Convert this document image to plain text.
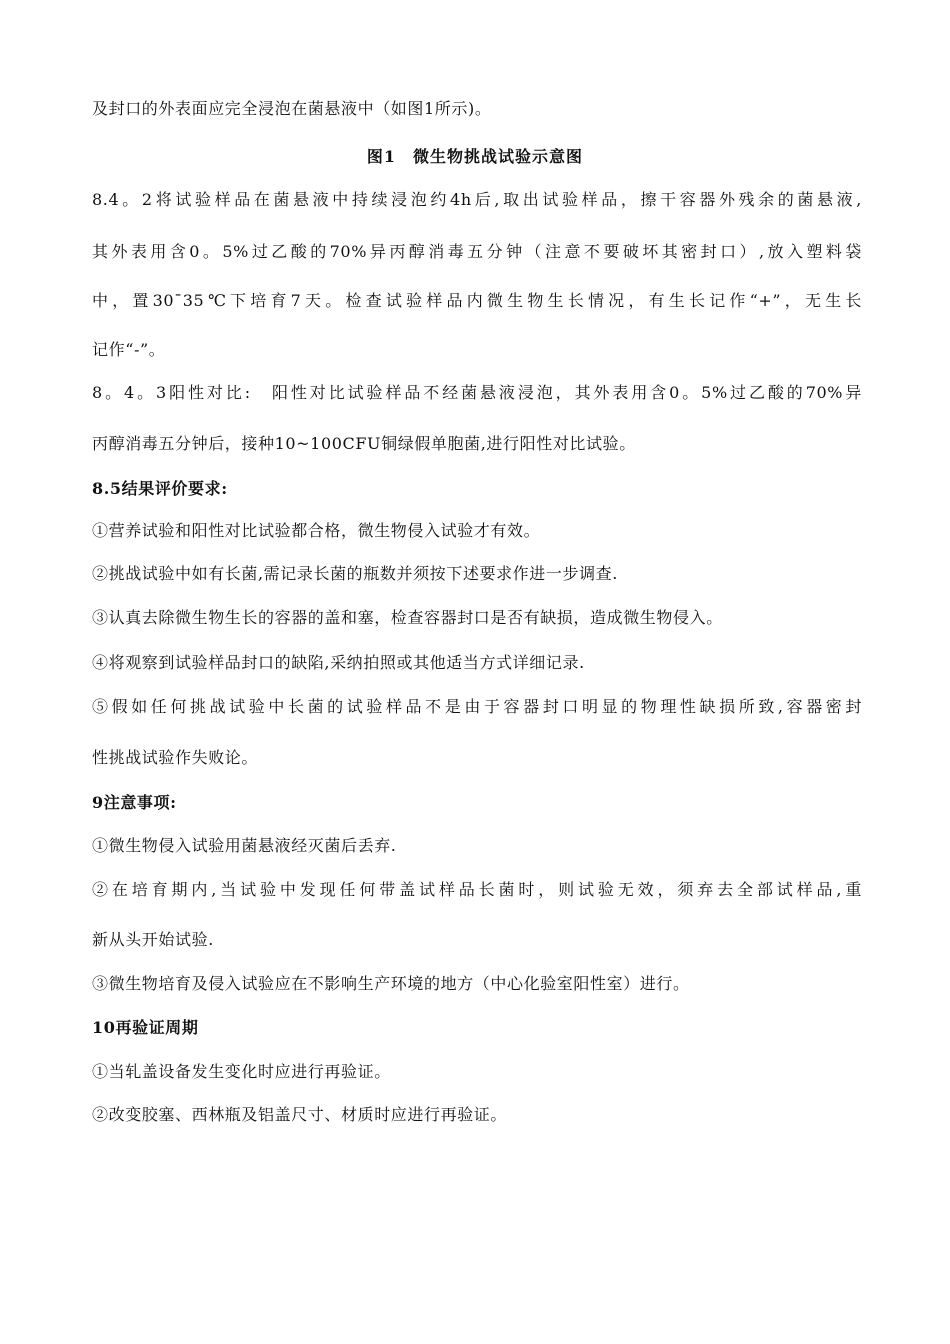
及封口的外表面应完全浸泡在菌悬液中（如图1所示)。
图1　微生物挑战试验示意图
8.4。2将试验样品在菌悬液中持续浸泡约4h后,取出试验样品，擦干容器外残余的菌悬液,
其外表用含0。5%过乙酸的70%异丙醇消毒五分钟（注意不要破坏其密封口）,放入塑料袋
中，置30¯35℃下培育7天。检查试验样品内微生物生长情况，有生长记作“+”，无生长
记作“-”。
8。4。3阳性对比:　阳性对比试验样品不经菌悬液浸泡，其外表用含0。5%过乙酸的70%异
丙醇消毒五分钟后，接种10~100CFU铜绿假单胞菌,进行阳性对比试验。
8.5结果评价要求:
①营养试验和阳性对比试验都合格，微生物侵入试验才有效。
②挑战试验中如有长菌,需记录长菌的瓶数并须按下述要求作进一步调查.
③认真去除微生物生长的容器的盖和塞，检查容器封口是否有缺损，造成微生物侵入。
④将观察到试验样品封口的缺陷,采纳拍照或其他适当方式详细记录.
⑤假如任何挑战试验中长菌的试验样品不是由于容器封口明显的物理性缺损所致,容器密封
性挑战试验作失败论。
9注意事项:
①微生物侵入试验用菌悬液经灭菌后丢弃.
②在培育期内,当试验中发现任何带盖试样品长菌时，则试验无效，须弃去全部试样品,重
新从头开始试验.
③微生物培育及侵入试验应在不影响生产环境的地方（中心化验室阳性室）进行。
10再验证周期
①当轧盖设备发生变化时应进行再验证。
②改变胶塞、西林瓶及铝盖尺寸、材质时应进行再验证。
